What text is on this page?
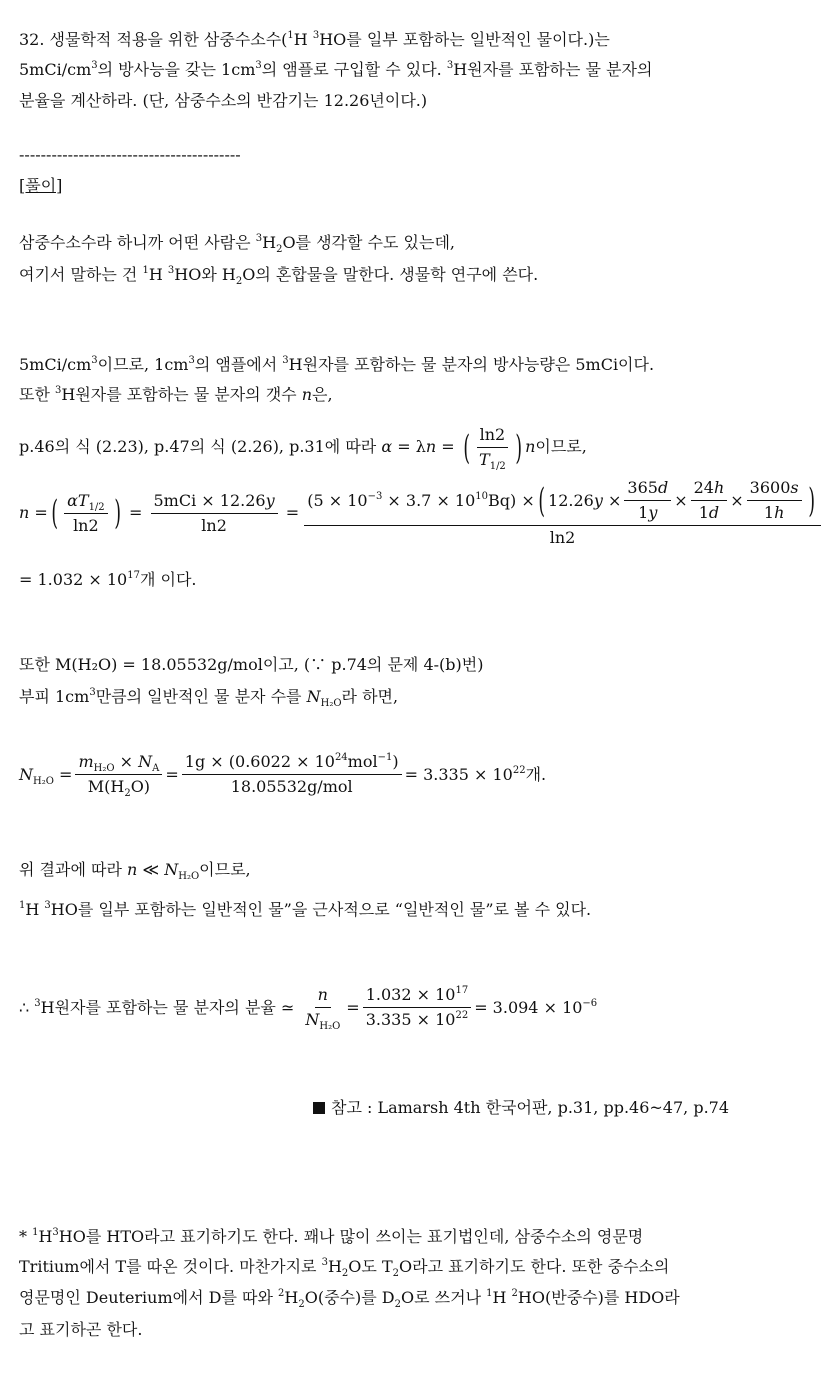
32. 생물학적 적용을 위한 삼중수소수($^1$H $^3$HO를 일부 포함하는 일반적인 물이다.)는
$5mCi/cm^3$의 방사능을 갖는 $1cm^3$의 앰플로 구입할 수 있다. $^3$H원자를 포함하는 물 분자의
분율을 계산하라. (단, 삼중수소의 반감기는 12.26년이다.)
-----------------------------------------
[풀이]
삼중수소수라 하니까 어떤 사람은 $^3H_2O$를 생각할 수도 있는데,
여기서 말하는 건 $^1$H $^3$HO와 $H_2O$의 혼합물을 말한다. 생물학 연구에 쓴다.
$5mCi/cm^3$이므로, $1cm^3$의 앰플에서 $^3$H원자를 포함하는 물 분자의 방사능량은 5mCi이다.
또한 $^3$H원자를 포함하는 물 분자의 갯수 n은,
= $1.032 \times 10^{17}$개 이다.
또한 M(H₂O) = 18.05532g/mol이고, (∵ p.74의 문제 4-(b)번)
부피 $1cm^3$만큼의 일반적인 물 분자 수를 $N_{H_2O}$라 하면,
위 결과에 따라 n ≪ $N_{H_2O}$이므로,
$^1$H $^3$HO를 일부 포함하는 일반적인 물”을 근사적으로 “일반적인 물”로 볼 수 있다.
* $^1H^3HO$를 HTO라고 표기하기도 한다. 꽤나 많이 쓰이는 표기법인데, 삼중수소의 영문명
Tritium에서 T를 따온 것이다. 마찬가지로 $^3H_2O$도 $T_2O$라고 표기하기도 한다. 또한 중수소의
영문명인 Deuterium에서 D를 따와 $^2H_2O$(중수)를 $D_2O$로 쓰거나 $^1$H $^2$HO(반중수)를 HDO라
고 표기하곤 한다.
p.46의 식 (2.23), p.47의 식 (2.26), p.31에 따라 α = λn = ( $\frac{\ln 2}{T_{1/2}}$ ) n이므로,
n = ( $\frac{\alpha T_{1/2}}{\ln 2}$ ) = $\frac{\text{5mCi × 12.26y}}{\ln 2}$ =
$(5 \times 10^{-3} \times 3.7 \times 10^{10}Bq)$ × ( $12.26y \times \frac{365d}{1y} \times \frac{24h}{1d} \times \frac{3600s}{1h}$ )
ln2
$N_{H_2O} = \frac{m_{H_2O} \times N_A}{M(H_2O)} = \frac{1g \times (0.6022 \times 10^{24}mol^{-1})}{\text{18.05532g/mol}} = 3.335 \times 10^{22}$개.
∴ $^3$H원자를 포함하는 물 분자의 분율 ≃ $\frac{n}{N_{H_2O}} = \frac{1.032 \times 10^{17}}{3.335 \times 10^{22}} = 3.094 \times 10^{-6}$
참고 : Lamarsh 4th 한국어판, p.31, pp.46~47, p.74
